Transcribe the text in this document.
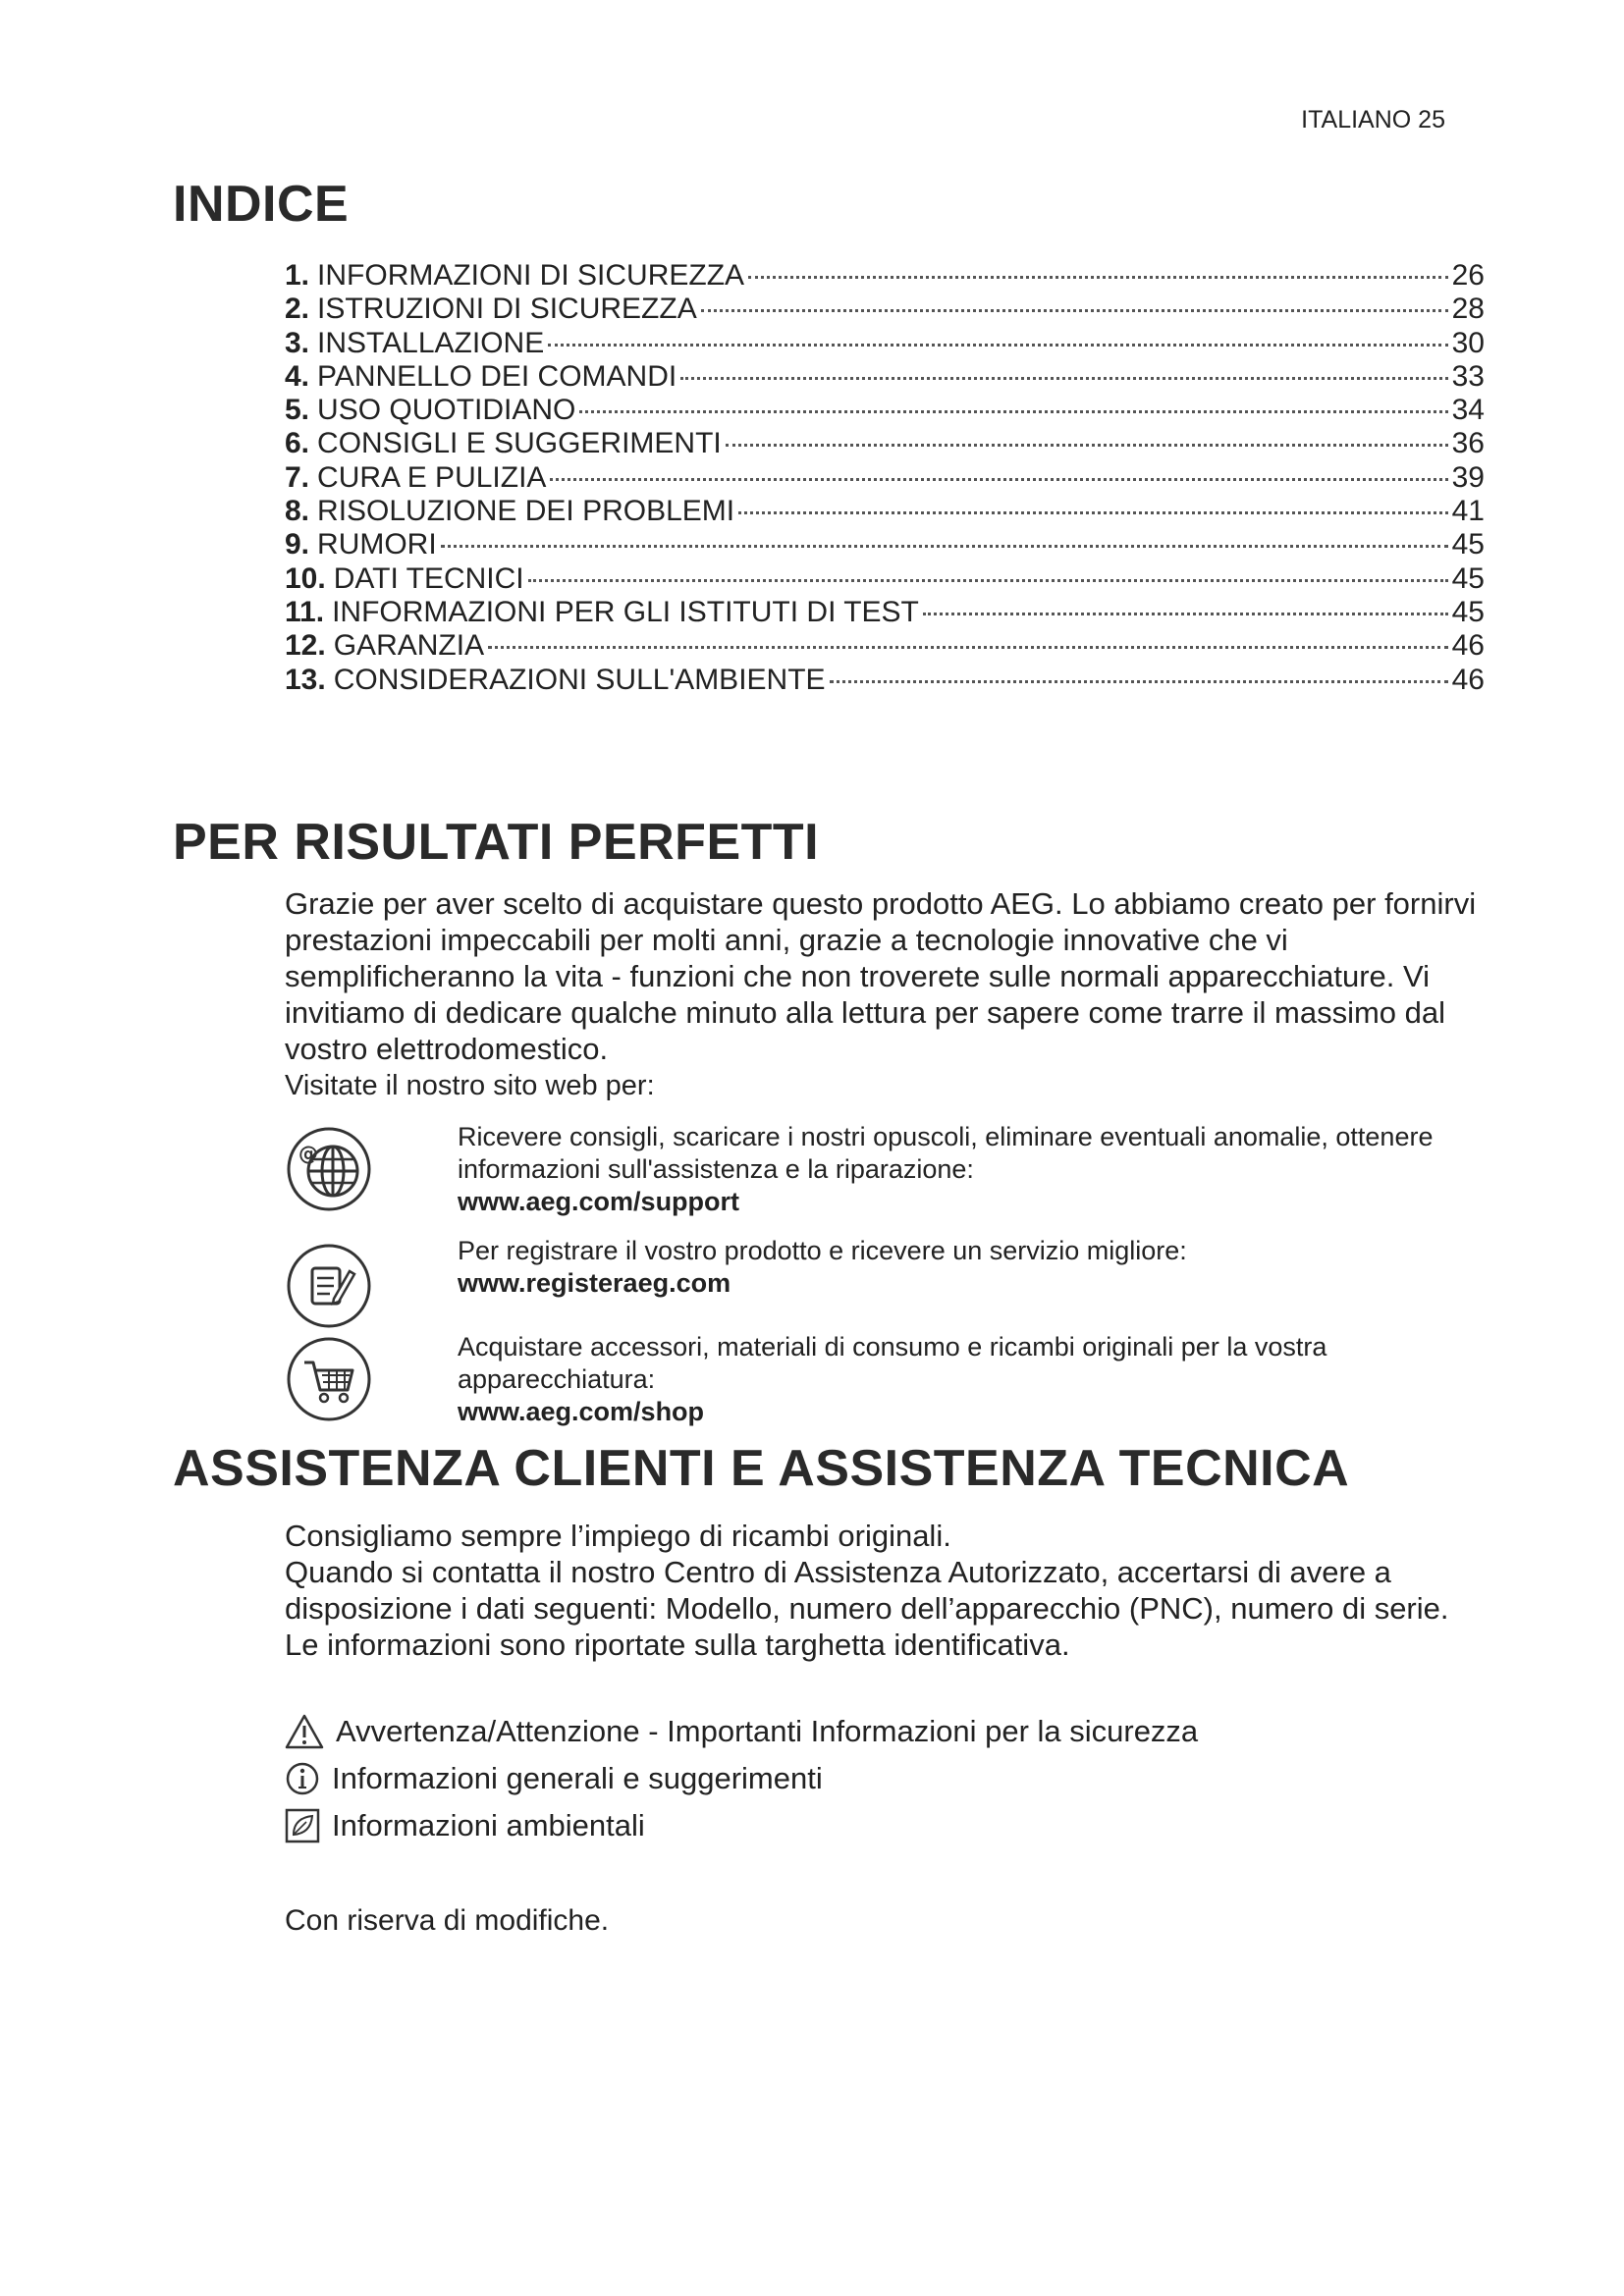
ITALIANO 25
INDICE
1. INFORMAZIONI DI SICUREZZA	26
2. ISTRUZIONI DI SICUREZZA	28
3. INSTALLAZIONE	30
4. PANNELLO DEI COMANDI	33
5. USO QUOTIDIANO	34
6. CONSIGLI E SUGGERIMENTI	36
7. CURA E PULIZIA	39
8. RISOLUZIONE DEI PROBLEMI	41
9. RUMORI	45
10. DATI TECNICI	45
11. INFORMAZIONI PER GLI ISTITUTI DI TEST	45
12. GARANZIA	46
13. CONSIDERAZIONI SULL'AMBIENTE	46
PER RISULTATI PERFETTI

Grazie per aver scelto di acquistare questo prodotto AEG. Lo abbiamo creato per fornirvi prestazioni impeccabili per molti anni, grazie a tecnologie innovative che vi semplificheranno la vita - funzioni che non troverete sulle normali apparecchiature. Vi invitiamo di dedicare qualche minuto alla lettura per sapere come trarre il massimo dal vostro elettrodomestico.

Visitate il nostro sito web per:

@
Ricevere consigli, scaricare i nostri opuscoli, eliminare eventuali anomalie, ottenere informazioni sull'assistenza e la riparazione:
www.aeg.com/support
Per registrare il vostro prodotto e ricevere un servizio migliore:
www.registeraeg.com
Acquistare accessori, materiali di consumo e ricambi originali per la vostra apparecchiatura:
www.aeg.com/shop
ASSISTENZA CLIENTI E ASSISTENZA TECNICA
Consigliamo sempre l’impiego di ricambi originali.
Quando si contatta il nostro Centro di Assistenza Autorizzato, accertarsi di avere a disposizione i dati seguenti: Modello, numero dell’apparecchio (PNC), numero di serie.
Le informazioni sono riportate sulla targhetta identificativa.
Avvertenza/Attenzione - Importanti Informazioni per la sicurezza
Informazioni generali e suggerimenti
Informazioni ambientali

Con riserva di modifiche.
